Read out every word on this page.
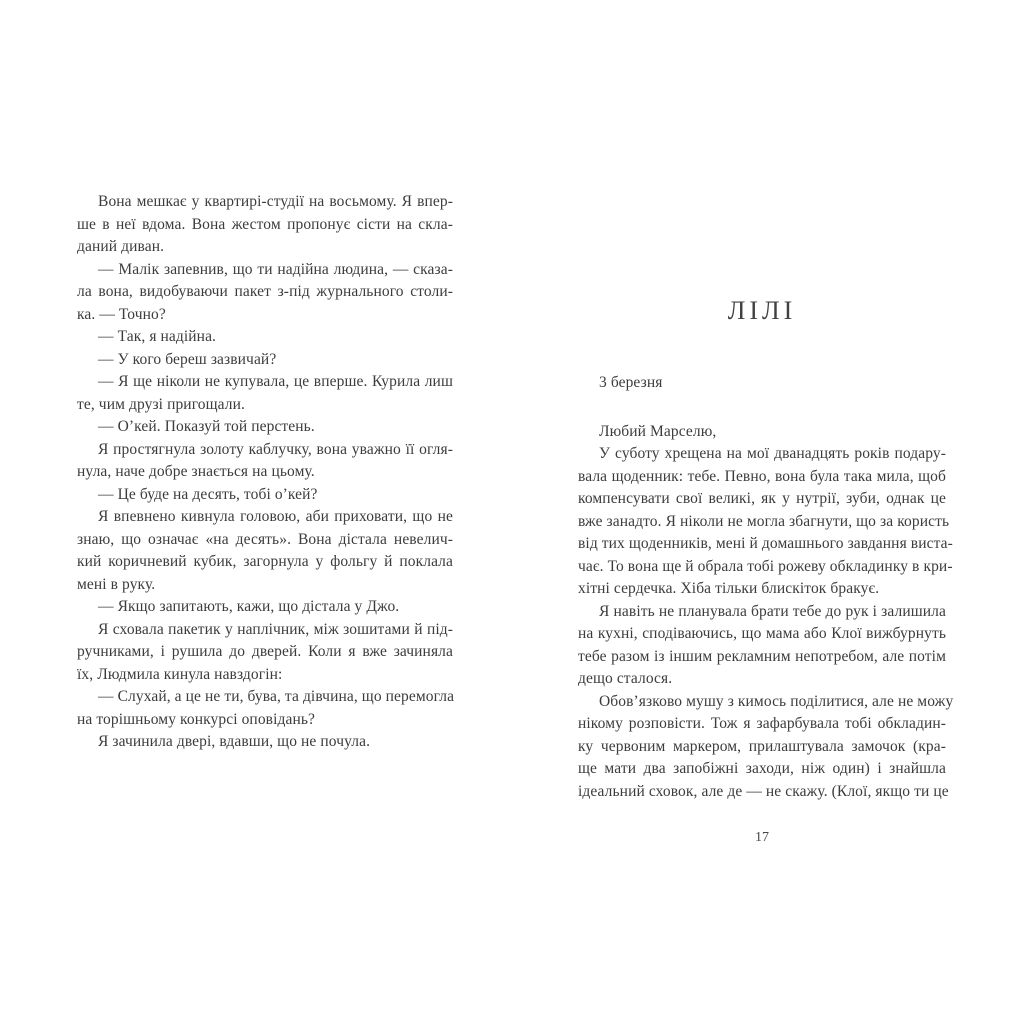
Вона мешкає у квартирі-студії на восьмому. Я впер-
ше в неї вдома. Вона жестом пропонує сісти на скла-
даний диван.
— Малік запевнив, що ти надійна людина, — сказа-
ла вона, видобуваючи пакет з-під журнального столи-
ка. — Точно?
— Так, я надійна.
— У кого береш зазвичай?
— Я ще ніколи не купувала, це вперше. Курила лиш
те, чим друзі пригощали.
— Оʼкей. Показуй той перстень.
Я простягнула золоту каблучку, вона уважно її огля-
нула, наче добре знається на цьому.
— Це буде на десять, тобі оʼкей?
Я впевнено кивнула головою, аби приховати, що не
знаю, що означає «на десять». Вона дістала невелич-
кий коричневий кубик, загорнула у фольгу й поклала
мені в руку.
— Якщо запитають, кажи, що дістала у Джо.
Я сховала пакетик у наплічник, між зошитами й під-
ручниками, і рушила до дверей. Коли я вже зачиняла
їх, Людмила кинула навздогін:
— Слухай, а це не ти, бува, та дівчина, що перемогла
на торішньому конкурсі оповідань?
Я зачинила двері, вдавши, що не почула.
ЛІЛІ
3 березня
Любий Марселю,
У суботу хрещена на мої дванадцять років подару-
вала щоденник: тебе. Певно, вона була така мила, щоб
компенсувати свої великі, як у нутрії, зуби, однак це
вже занадто. Я ніколи не могла збагнути, що за користь
від тих щоденників, мені й домашнього завдання виста-
чає. То вона ще й обрала тобі рожеву обкладинку в кри-
хітні сердечка. Хіба тільки блискіток бракує.
Я навіть не планувала брати тебе до рук і залишила
на кухні, сподіваючись, що мама або Клої вижбурнуть
тебе разом із іншим рекламним непотребом, але потім
дещо сталося.
Обовʼязково мушу з кимось поділитися, але не можу
нікому розповісти. Тож я зафарбувала тобі обкладин-
ку червоним маркером, прилаштувала замочок (кра-
ще мати два запобіжні заходи, ніж один) і знайшла
ідеальний сховок, але де — не скажу. (Клої, якщо ти це
17
